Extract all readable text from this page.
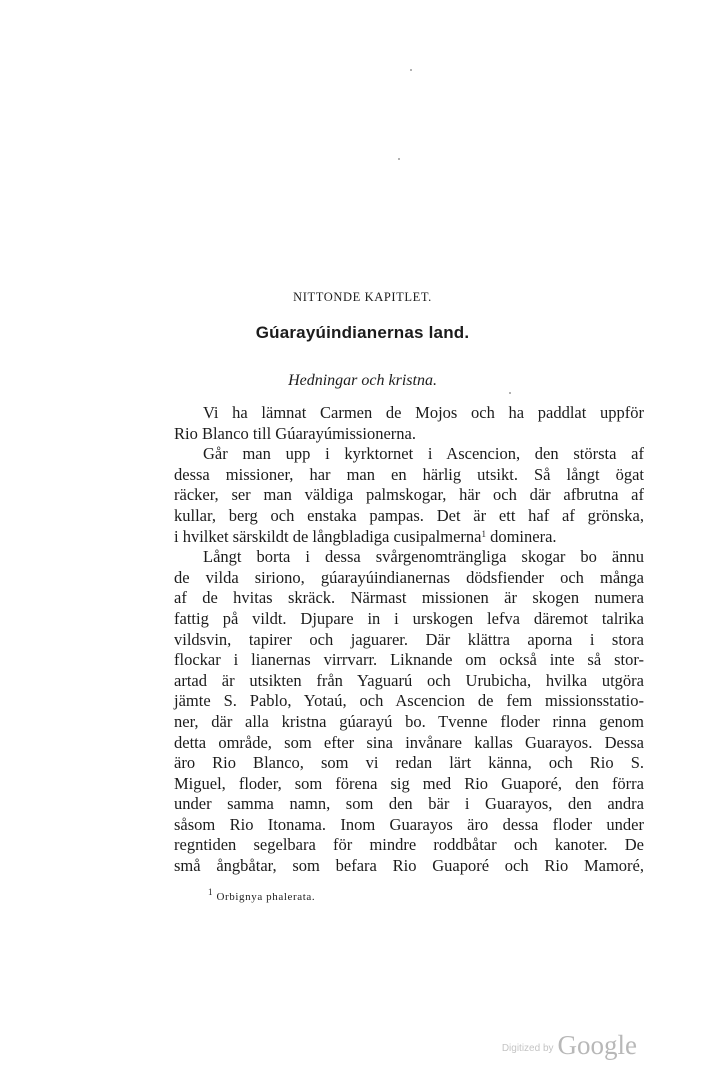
NITTONDE KAPITLET.
Gúarayúindianernas land.
Hedningar och kristna.
Vi ha lämnat Carmen de Mojos och ha paddlat uppför
Rio Blanco till Gúarayúmissionerna.
Går man upp i kyrktornet i Ascencion, den största af
dessa missioner, har man en härlig utsikt. Så långt ögat
räcker, ser man väldiga palmskogar, här och där afbrutna af
kullar, berg och enstaka pampas. Det är ett haf af grönska,
i hvilket särskildt de långbladiga cusipalmerna$^1$ dominera.
Långt borta i dessa svårgenomträngliga skogar bo ännu
de vilda siriono, gúarayúindianernas dödsfiender och många
af de hvitas skräck. Närmast missionen är skogen numera
fattig på vildt. Djupare in i urskogen lefva däremot talrika
vildsvin, tapirer och jaguarer. Där klättra aporna i stora
flockar i lianernas virrvarr. Liknande om också inte så stor-
artad är utsikten från Yaguarú och Urubicha, hvilka utgöra
jämte S. Pablo, Yotaú, och Ascencion de fem missionsstatio-
ner, där alla kristna gúarayú bo. Tvenne floder rinna genom
detta område, som efter sina invånare kallas Guarayos. Dessa
äro Rio Blanco, som vi redan lärt känna, och Rio S.
Miguel, floder, som förena sig med Rio Guaporé, den förra
under samma namn, som den bär i Guarayos, den andra
såsom Rio Itonama. Inom Guarayos äro dessa floder under
regntiden segelbara för mindre roddbåtar och kanoter. De
små ångbåtar, som befara Rio Guaporé och Rio Mamoré,
$^1$ Orbignya phalerata.
Digitized by Google
